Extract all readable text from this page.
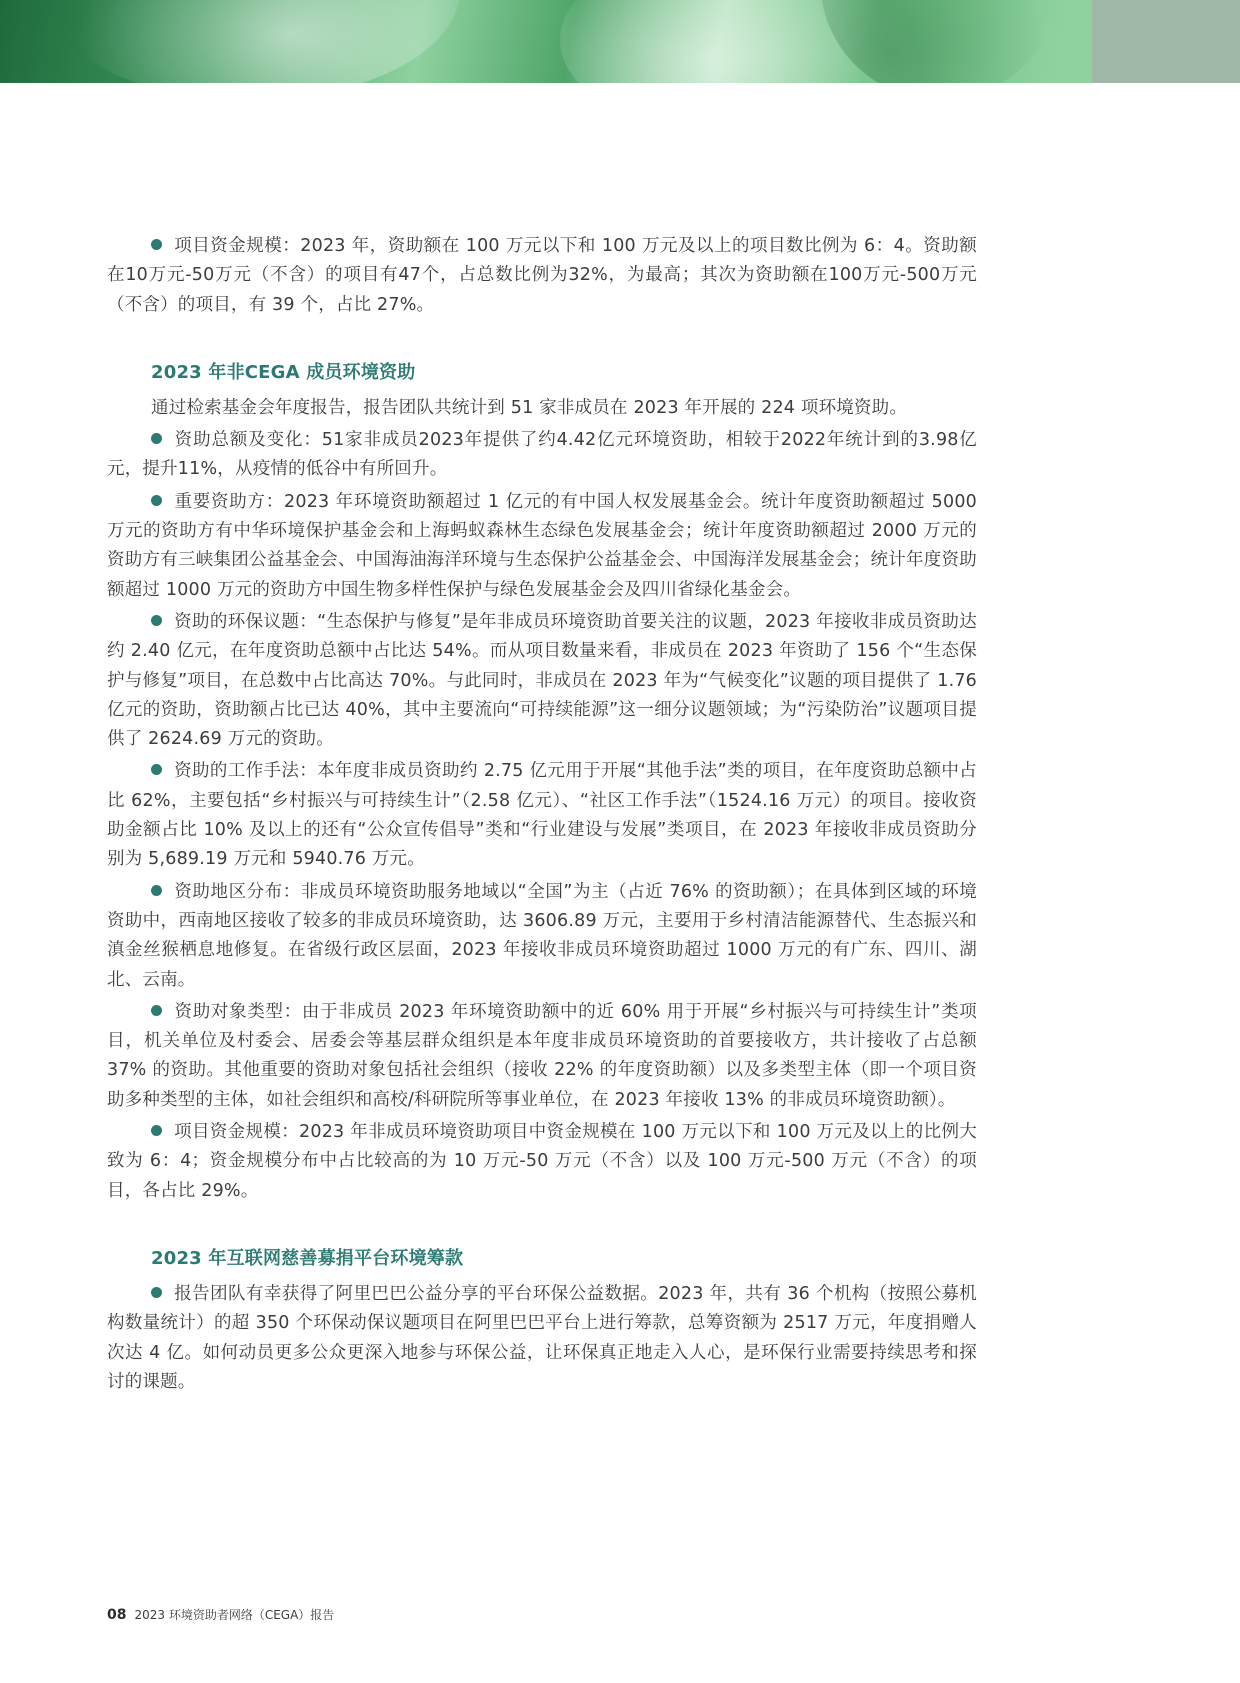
项目资金规模：2023 年，资助额在 100 万元以下和 100 万元及以上的项目数比例为 6：4。资助额在10万元-50万元（不含）的项目有47个，占总数比例为32%，为最高；其次为资助额在100万元-500万元（不含）的项目，有 39 个，占比 27%。

2023 年非CEGA 成员环境资助

通过检索基金会年度报告，报告团队共统计到 51 家非成员在 2023 年开展的 224 项环境资助。

资助总额及变化：51家非成员2023年提供了约4.42亿元环境资助，相较于2022年统计到的3.98亿元，提升11%，从疫情的低谷中有所回升。

重要资助方：2023 年环境资助额超过 1 亿元的有中国人权发展基金会。统计年度资助额超过 5000 万元的资助方有中华环境保护基金会和上海蚂蚁森林生态绿色发展基金会；统计年度资助额超过 2000 万元的资助方有三峡集团公益基金会、中国海油海洋环境与生态保护公益基金会、中国海洋发展基金会；统计年度资助额超过 1000 万元的资助方中国生物多样性保护与绿色发展基金会及四川省绿化基金会。

资助的环保议题：“生态保护与修复”是年非成员环境资助首要关注的议题，2023 年接收非成员资助达约 2.40 亿元，在年度资助总额中占比达 54%。而从项目数量来看，非成员在 2023 年资助了 156 个“生态保护与修复”项目，在总数中占比高达 70%。与此同时，非成员在 2023 年为“气候变化”议题的项目提供了 1.76 亿元的资助，资助额占比已达 40%，其中主要流向“可持续能源”这一细分议题领域；为“污染防治”议题项目提供了 2624.69 万元的资助。

资助的工作手法：本年度非成员资助约 2.75 亿元用于开展“其他手法”类的项目，在年度资助总额中占比 62%，主要包括“乡村振兴与可持续生计”（2.58 亿元）、“社区工作手法”（1524.16 万元）的项目。接收资助金额占比 10% 及以上的还有“公众宣传倡导”类和“行业建设与发展”类项目，在 2023 年接收非成员资助分别为 5,689.19 万元和 5940.76 万元。

资助地区分布：非成员环境资助服务地域以“全国”为主（占近 76% 的资助额）；在具体到区域的环境资助中，西南地区接收了较多的非成员环境资助，达 3606.89 万元，主要用于乡村清洁能源替代、生态振兴和滇金丝猴栖息地修复。在省级行政区层面，2023 年接收非成员环境资助超过 1000 万元的有广东、四川、湖北、云南。

资助对象类型：由于非成员 2023 年环境资助额中的近 60% 用于开展“乡村振兴与可持续生计”类项目，机关单位及村委会、居委会等基层群众组织是本年度非成员环境资助的首要接收方，共计接收了占总额 37% 的资助。其他重要的资助对象包括社会组织（接收 22% 的年度资助额）以及多类型主体（即一个项目资助多种类型的主体，如社会组织和高校/科研院所等事业单位，在 2023 年接收 13% 的非成员环境资助额）。

项目资金规模：2023 年非成员环境资助项目中资金规模在 100 万元以下和 100 万元及以上的比例大致为 6：4；资金规模分布中占比较高的为 10 万元-50 万元（不含）以及 100 万元-500 万元（不含）的项目，各占比 29%。

2023 年互联网慈善募捐平台环境筹款

报告团队有幸获得了阿里巴巴公益分享的平台环保公益数据。2023 年，共有 36 个机构（按照公募机构数量统计）的超 350 个环保动保议题项目在阿里巴巴平台上进行筹款，总筹资额为 2517 万元，年度捐赠人次达 4 亿。如何动员更多公众更深入地参与环保公益，让环保真正地走入人心，是环保行业需要持续思考和探讨的课题。

08 2023 环境资助者网络（CEGA）报告
